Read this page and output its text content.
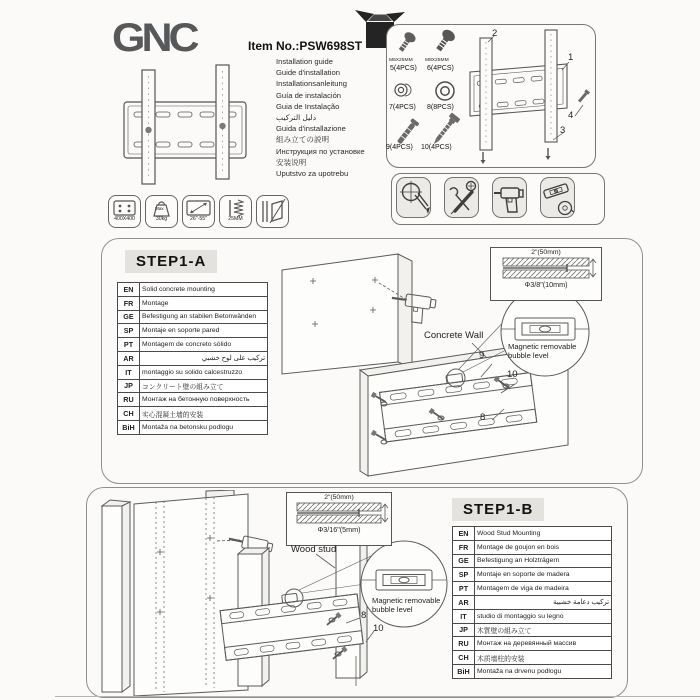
GNC	Item No.:PSW698ST
Installation guide
Guide d'installation
Installationsanleitung
Guía de instalación
Guia de Instalação
دليل التركيب
Guida d'installazione
組み立ての説明
Инструкция по установке
安装说明
Uputstvo za upotrebu
M6X25MM	M8X25MM
5(4PCS) 6(4PCS)
7(4PCS) 8(8PCS)
9(4PCS) 10(4PCS)
2
1
3
4
400X400	30kg
Max
26"-55"	25MM
STEP1-A
EN	Solid concrete mounting
FR	Montage
GE	Befestigung an stabilen Betonwänden
SP	Montaje en soporte pared
PT	Montagem de concreto sólido
AR	تركيب على لوح خشبي
IT	montaggio su solido calcestruzzo
JP	コンクリート壁の組み立て
RU	Монтаж на бетонную поверхность
CH	实心混凝土墙的安装
BiH	Montaža na betonsku podlogu
2"(50mm)
Φ3/8"(10mm)
Concrete Wall
Magnetic removable bubble level
9
10
8
STEP1-B
EN	Wood Stud Mounting
FR	Montage de goujon en bois
GE	Befestigung an Holzträgern
SP	Montaje en soporte de madera
PT	Montagem de viga de madeira
AR	تركيب دعامة خشبية
IT	studio di montaggio su legno
JP	木質壁の組み立て
RU	Монтаж на деревянный массив
CH	木质墙柱的安装
BiH	Montaža na drvenu podlogu
2"(50mm)
Φ3/16"(5mm)
Wood stud
Magnetic removable bubble level
8
10
